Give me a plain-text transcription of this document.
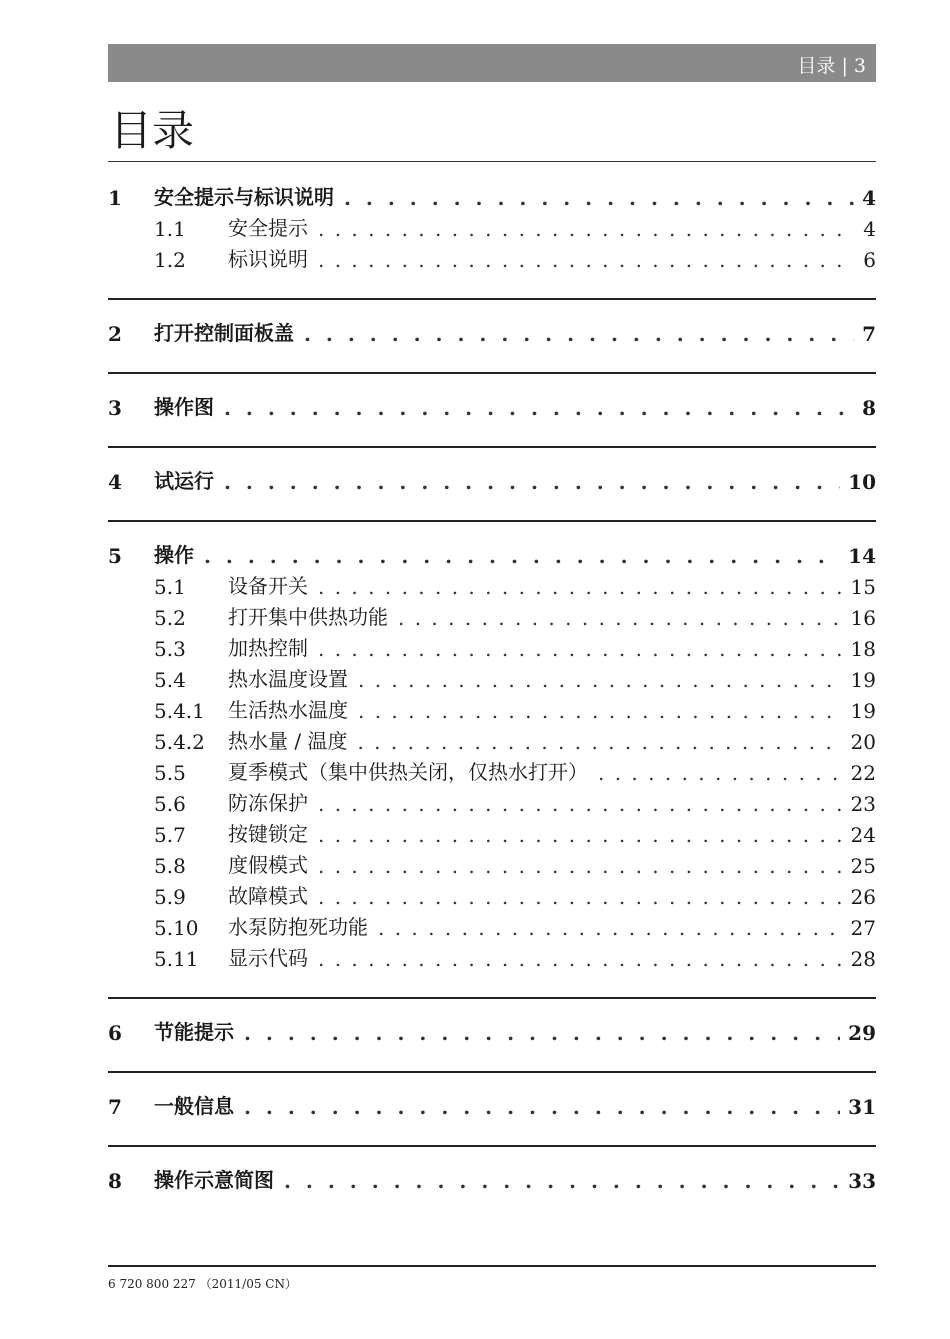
目录 | 3
目录
1	安全提示与标识说明 . . .	4
1.1	安全提示 . . .	4
1.2	标识说明 . . .	6
2	打开控制面板盖 . . .	7
3	操作图 . . .	8
4	试运行 . . .	10
5	操作 . . .	14
5.1	设备开关 . . .	15
5.2	打开集中供热功能 . . .	16
5.3	加热控制 . . .	18
5.4	热水温度设置 . . .	19
5.4.1	生活热水温度 . . .	19
5.4.2	热水量 / 温度 . . .	20
5.5	夏季模式（集中供热关闭，仅热水打开） . . .	22
5.6	防冻保护 . . .	23
5.7	按键锁定 . . .	24
5.8	度假模式 . . .	25
5.9	故障模式 . . .	26
5.10	水泵防抱死功能 . . .	27
5.11	显示代码 . . .	28
6	节能提示 . . .	29
7	一般信息 . . .	31
8	操作示意简图 . . .	33
6 720 800 227 （2011/05 CN）
